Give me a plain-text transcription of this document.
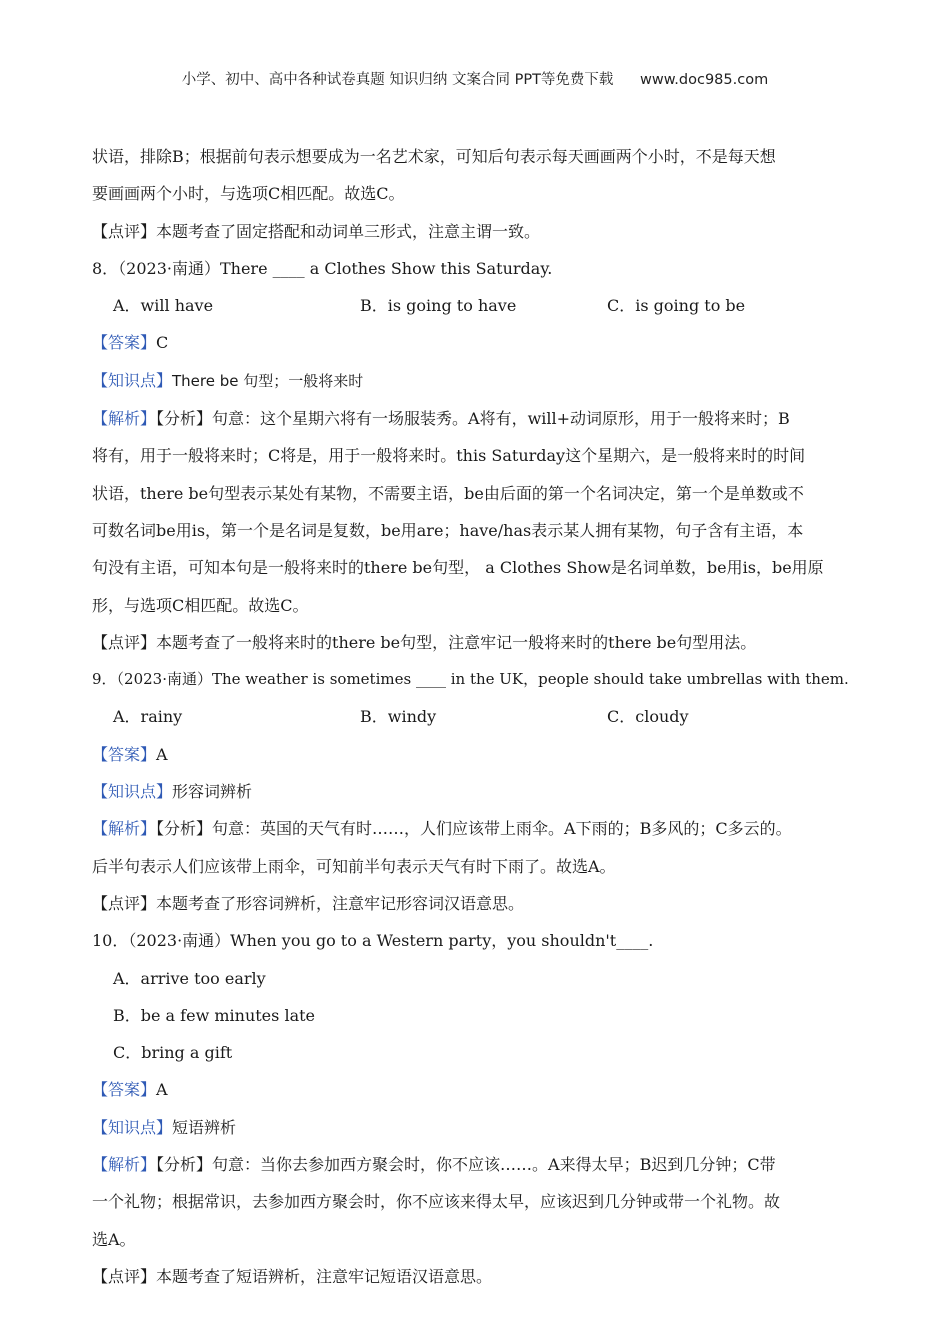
小学、初中、高中各种试卷真题 知识归纳 文案合同 PPT等免费下载 www.doc985.com
状语，排除B；根据前句表示想要成为一名艺术家，可知后句表示每天画画两个小时，不是每天想
要画画两个小时，与选项C相匹配。故选C。
【点评】本题考查了固定搭配和动词单三形式，注意主谓一致。
8．（2023·南通）There ____ a Clothes Show this Saturday.
A．will have	B．is going to have	C．is going to be
【答案】C
【知识点】There be 句型；一般将来时
【解析】【分析】句意：这个星期六将有一场服装秀。A将有，will+动词原形，用于一般将来时；B
将有，用于一般将来时；C将是，用于一般将来时。this Saturday这个星期六，是一般将来时的时间
状语，there be句型表示某处有某物，不需要主语，be由后面的第一个名词决定，第一个是单数或不
可数名词be用is，第一个是名词是复数，be用are；have/has表示某人拥有某物，句子含有主语，本
句没有主语，可知本句是一般将来时的there be句型， a Clothes Show是名词单数，be用is，be用原
形，与选项C相匹配。故选C。
【点评】本题考查了一般将来时的there be句型，注意牢记一般将来时的there be句型用法。
9．（2023·南通）The weather is sometimes ____ in the UK，people should take umbrellas with them.
A．rainy	B．windy	C．cloudy
【答案】A
【知识点】形容词辨析
【解析】【分析】句意：英国的天气有时……，人们应该带上雨伞。A下雨的；B多风的；C多云的。
后半句表示人们应该带上雨伞，可知前半句表示天气有时下雨了。故选A。
【点评】本题考查了形容词辨析，注意牢记形容词汉语意思。
10．（2023·南通）When you go to a Western party，you shouldn't____.
A．arrive too early
B．be a few minutes late
C．bring a gift
【答案】A
【知识点】短语辨析
【解析】【分析】句意：当你去参加西方聚会时，你不应该……。A来得太早；B迟到几分钟；C带
一个礼物；根据常识，去参加西方聚会时，你不应该来得太早，应该迟到几分钟或带一个礼物。故
选A。
【点评】本题考查了短语辨析，注意牢记短语汉语意思。
